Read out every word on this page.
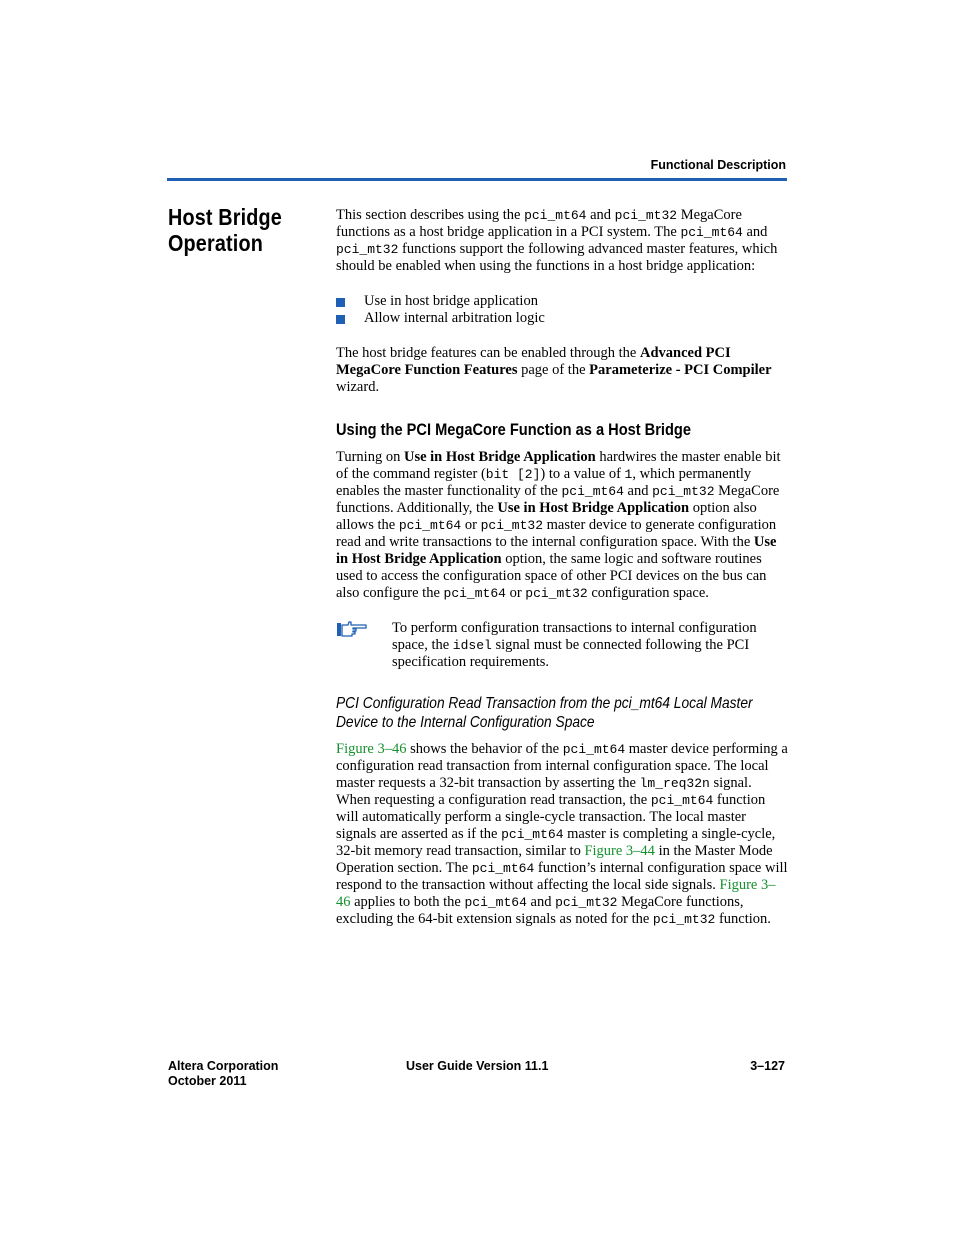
Functional Description
Host Bridge
Operation

This section describes using the pci_mt64 and pci_mt32 MegaCore functions as a host bridge application in a PCI system. The pci_mt64 and pci_mt32 functions support the following advanced master features, which should be enabled when using the functions in a host bridge application:

Use in host bridge application
Allow internal arbitration logic

The host bridge features can be enabled through the Advanced PCI MegaCore Function Features page of the Parameterize - PCI Compiler wizard.

Using the PCI MegaCore Function as a Host Bridge

Turning on Use in Host Bridge Application hardwires the master enable bit of the command register (bit [2]) to a value of 1, which permanently enables the master functionality of the pci_mt64 and pci_mt32 MegaCore functions. Additionally, the Use in Host Bridge Application option also allows the pci_mt64 or pci_mt32 master device to generate configuration read and write transactions to the internal configuration space. With the Use in Host Bridge Application option, the same logic and software routines used to access the configuration space of other PCI devices on the bus can also configure the pci_mt64 or pci_mt32 configuration space.

To perform configuration transactions to internal configuration space, the idsel signal must be connected following the PCI specification requirements.

PCI Configuration Read Transaction from the pci_mt64 Local Master
Device to the Internal Configuration Space

Figure 3–46 shows the behavior of the pci_mt64 master device performing a configuration read transaction from internal configuration space. The local master requests a 32-bit transaction by asserting the lm_req32n signal. When requesting a configuration read transaction, the pci_mt64 function will automatically perform a single-cycle transaction. The local master signals are asserted as if the pci_mt64 master is completing a single-cycle, 32-bit memory read transaction, similar to Figure 3–44 in the Master Mode Operation section. The pci_mt64 function’s internal configuration space will respond to the transaction without affecting the local side signals. Figure 3–46 applies to both the pci_mt64 and pci_mt32 MegaCore functions, excluding the 64-bit extension signals as noted for the pci_mt32 function.

Altera Corporation
October 2011
User Guide Version 11.1	3–127
